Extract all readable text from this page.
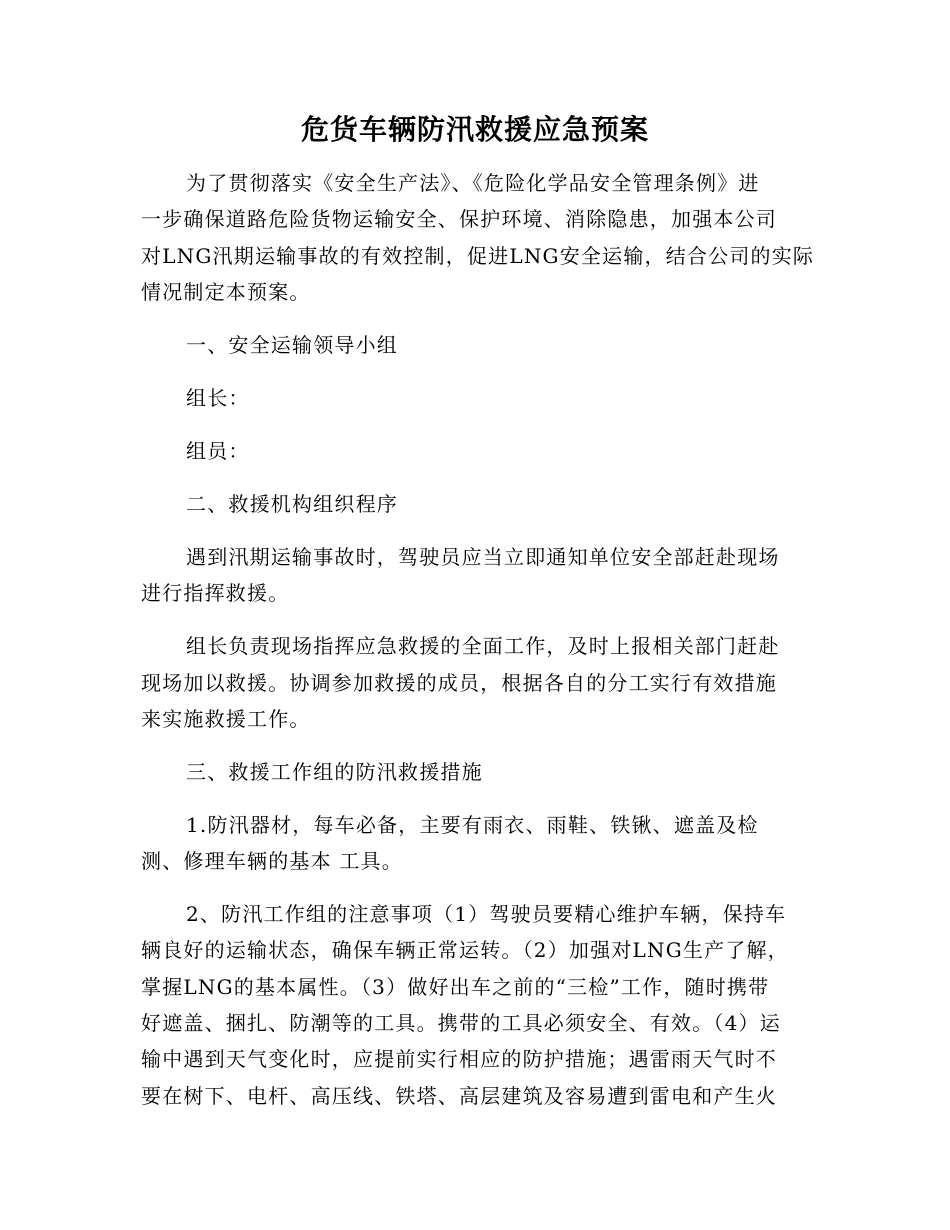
危货车辆防汛救援应急预案
为了贯彻落实《安全生产法》、《危险化学品安全管理条例》进
一步确保道路危险货物运输安全、保护环境、消除隐患，加强本公司
对LNG汛期运输事故的有效控制，促进LNG安全运输，结合公司的实际
情况制定本预案。
一、安全运输领导小组
组长：
组员：
二、救援机构组织程序
遇到汛期运输事故时，驾驶员应当立即通知单位安全部赶赴现场
进行指挥救援。
组长负责现场指挥应急救援的全面工作，及时上报相关部门赶赴
现场加以救援。协调参加救援的成员，根据各自的分工实行有效措施
来实施救援工作。
三、救援工作组的防汛救援措施
1.防汛器材，每车必备，主要有雨衣、雨鞋、铁锹、遮盖及检
测、修理车辆的基本 工具。
2、防汛工作组的注意事项（1）驾驶员要精心维护车辆，保持车
辆良好的运输状态，确保车辆正常运转。（2）加强对LNG生产了解，
掌握LNG的基本属性。（3）做好出车之前的“三检”工作，随时携带
好遮盖、捆扎、防潮等的工具。携带的工具必须安全、有效。（4）运
输中遇到天气变化时，应提前实行相应的防护措施；遇雷雨天气时不
要在树下、电杆、高压线、铁塔、高层建筑及容易遭到雷电和产生火
